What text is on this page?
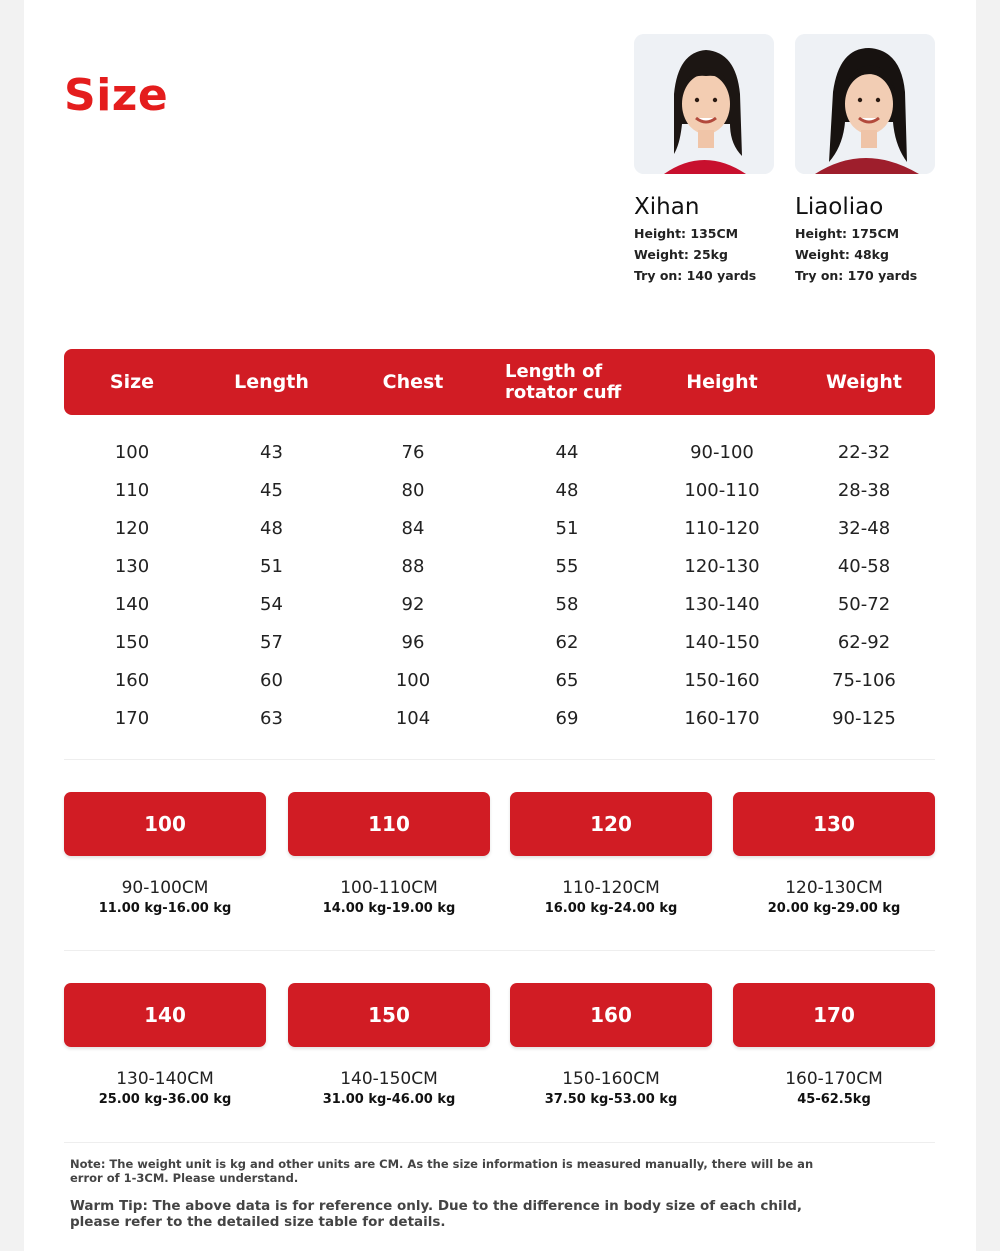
Size
Xihan
Height: 135CM
Weight: 25kg
Try on: 140 yards
Liaoliao
Height: 175CM
Weight: 48kg
Try on: 170 yards
Size	Length	Chest	Length of rotator cuff	Height	Weight
100	43	76	44	90-100	22-32
110	45	80	48	100-110	28-38
120	48	84	51	110-120	32-48
130	51	88	55	120-130	40-58
140	54	92	58	130-140	50-72
150	57	96	62	140-150	62-92
160	60	100	65	150-160	75-106
170	63	104	69	160-170	90-125
100
90-100CM
11.00 kg-16.00 kg
110
100-110CM
14.00 kg-19.00 kg
120
110-120CM
16.00 kg-24.00 kg
130
120-130CM
20.00 kg-29.00 kg
140
130-140CM
25.00 kg-36.00 kg
150
140-150CM
31.00 kg-46.00 kg
160
150-160CM
37.50 kg-53.00 kg
170
160-170CM
45-62.5kg
Note: The weight unit is kg and other units are CM. As the size information is measured manually, there will be an error of 1-3CM. Please understand.
Warm Tip: The above data is for reference only. Due to the difference in body size of each child, please refer to the detailed size table for details.
